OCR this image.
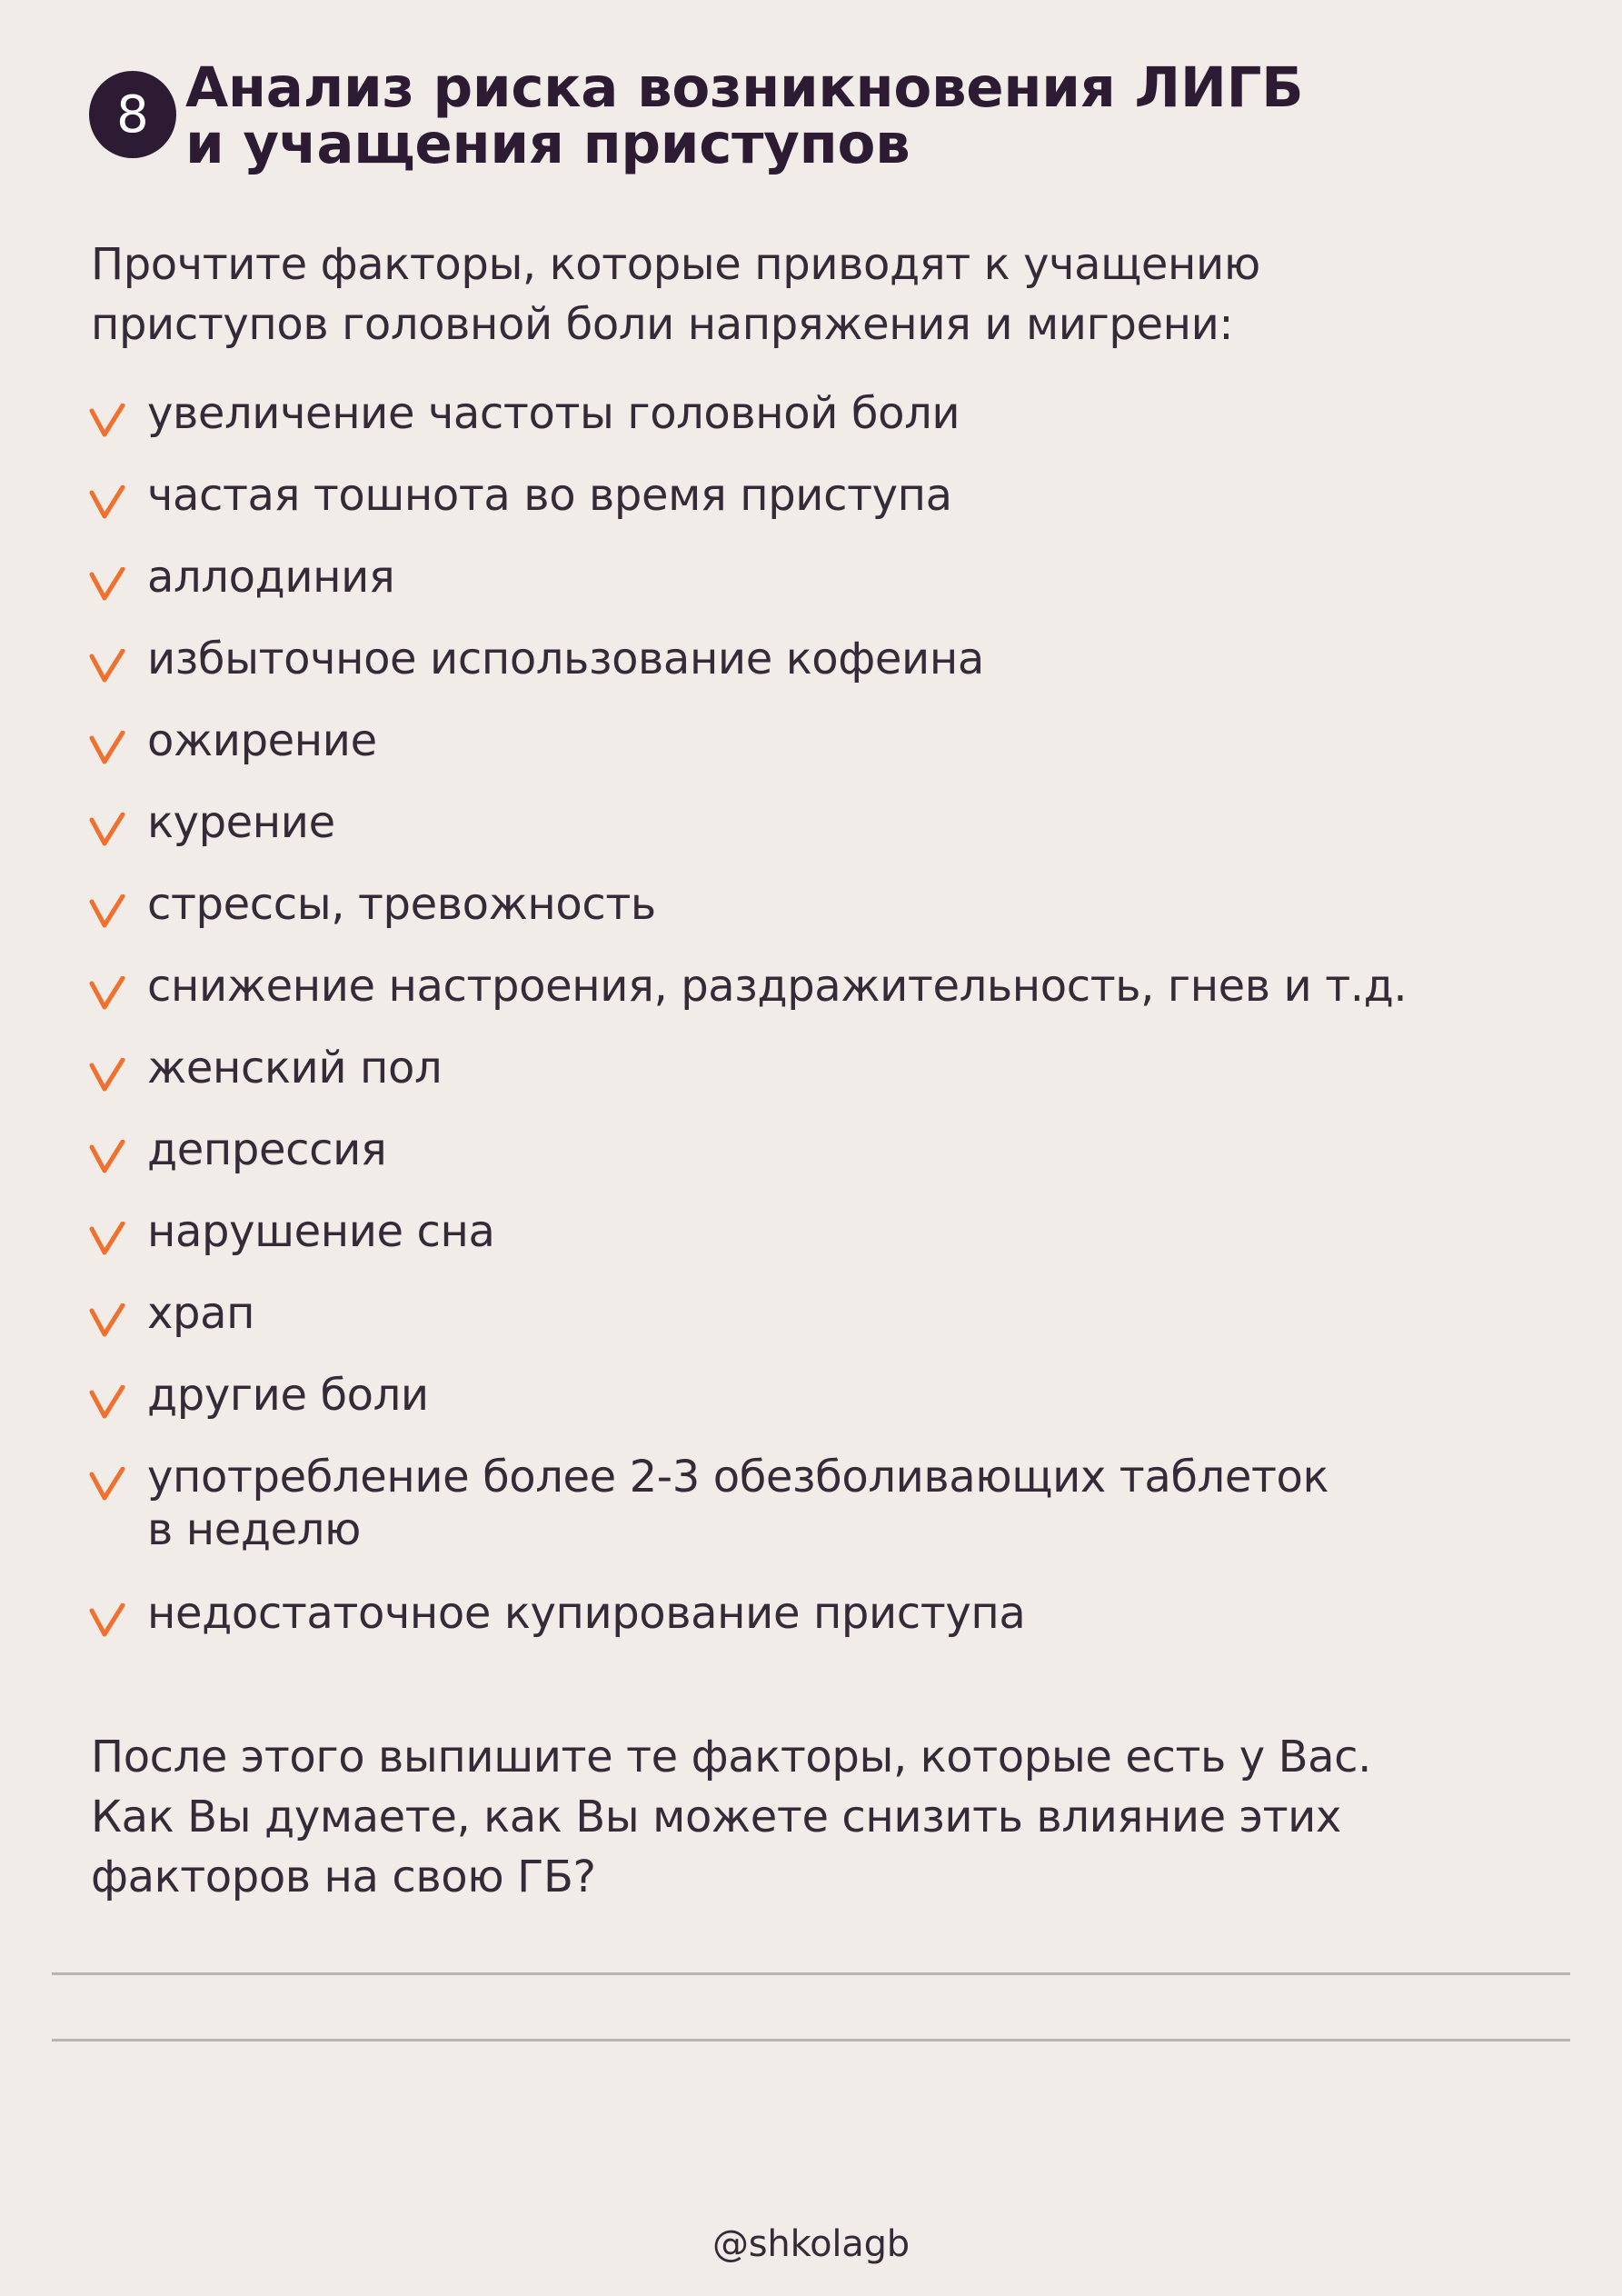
8 Анализ риска возникновения ЛИГБ
и учащения приступов

Прочтите факторы, которые приводят к учащению
приступов головной боли напряжения и мигрени:

увеличение частоты головной боли
частая тошнота во время приступа
аллодиния
избыточное использование кофеина
ожирение
курение
стрессы, тревожность
снижение настроения, раздражительность, гнев и т.д.
женский пол
депрессия
нарушение сна
храп
другие боли
употребление более 2-3 обезболивающих таблеток
в неделю
недостаточное купирование приступа

После этого выпишите те факторы, которые есть у Вас.
Как Вы думаете, как Вы можете снизить влияние этих
факторов на свою ГБ?

@shkolagb
